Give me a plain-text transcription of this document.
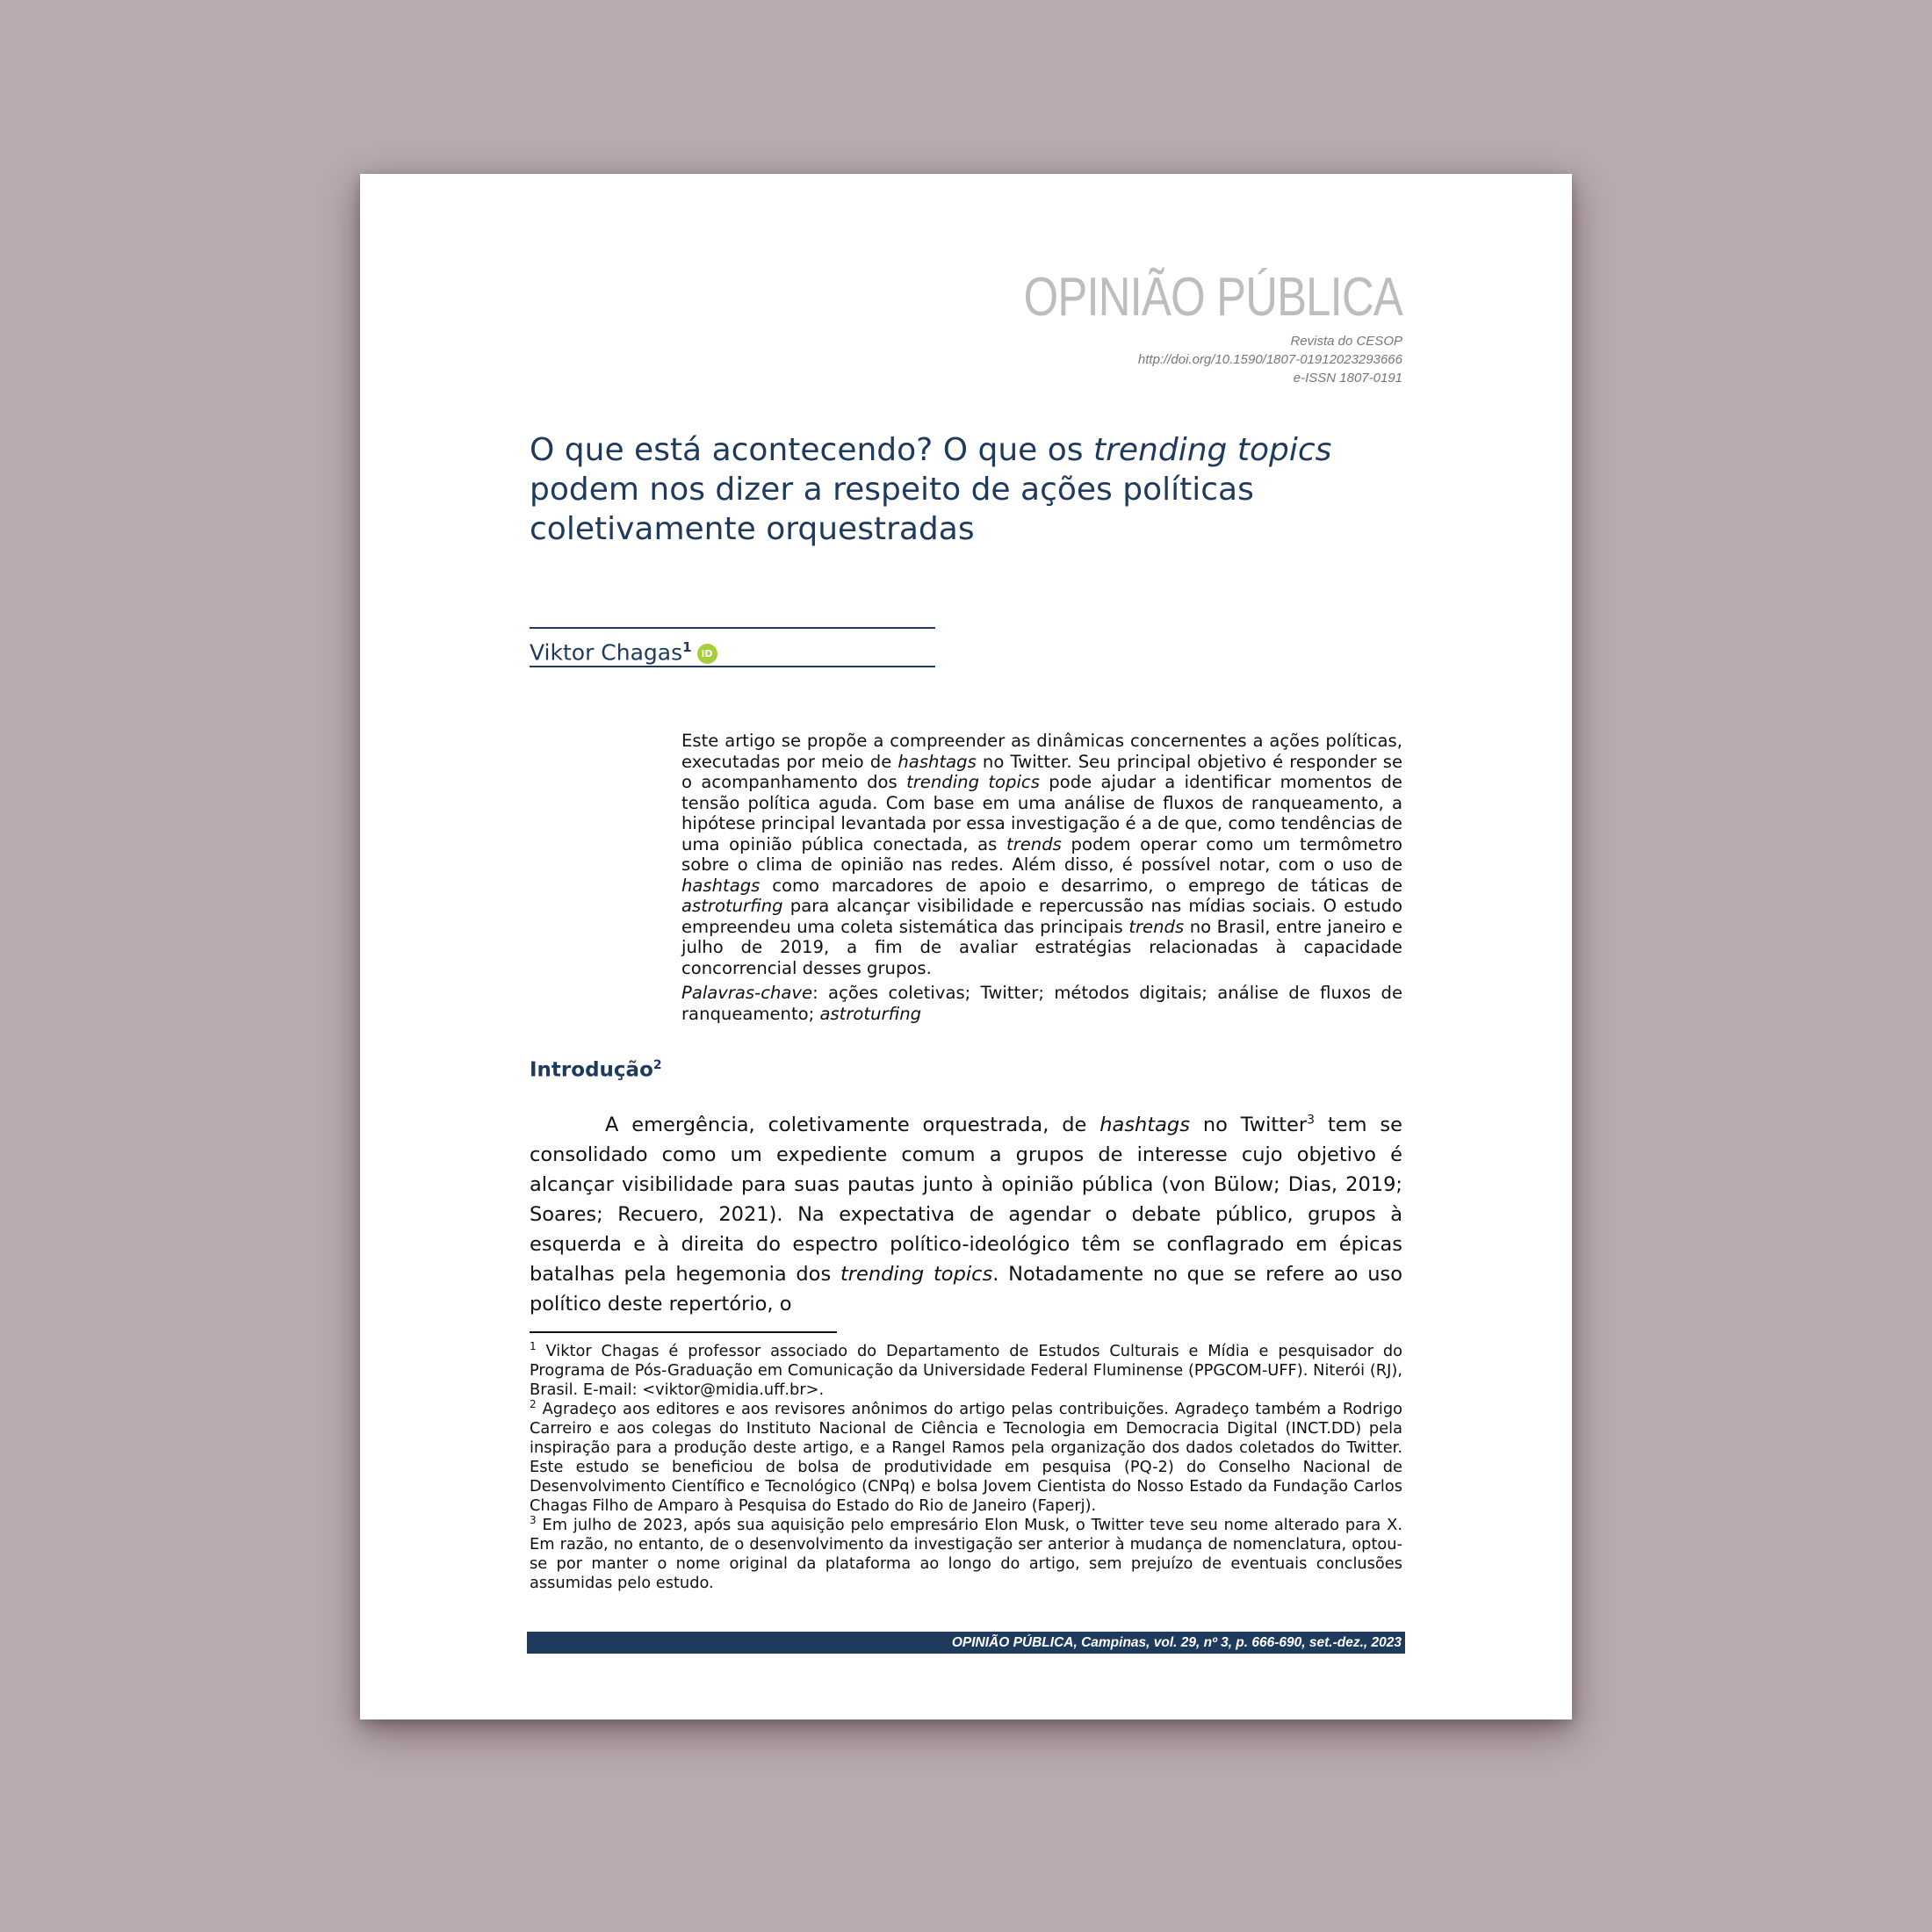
OPINIÃO PÚBLICA
Revista do CESOP
http://doi.org/10.1590/1807-01912023293666
e-ISSN 1807-0191
O que está acontecendo? O que os trending topics
podem nos dizer a respeito de ações políticas coletivamente orquestradas
Viktor Chagas$^1$ iD

Este artigo se propõe a compreender as dinâmicas concernentes a ações políticas, executadas por meio de hashtags no Twitter. Seu principal objetivo é responder se o acompanhamento dos trending topics pode ajudar a identificar momentos de tensão política aguda. Com base em uma análise de fluxos de ranqueamento, a hipótese principal levantada por essa investigação é a de que, como tendências de uma opinião pública conectada, as trends podem operar como um termômetro sobre o clima de opinião nas redes. Além disso, é possível notar, com o uso de hashtags como marcadores de apoio e desarrimo, o emprego de táticas de astroturfing para alcançar visibilidade e repercussão nas mídias sociais. O estudo empreendeu uma coleta sistemática das principais trends no Brasil, entre janeiro e julho de 2019, a fim de avaliar estratégias relacionadas à capacidade concorrencial desses grupos.

Palavras-chave: ações coletivas; Twitter; métodos digitais; análise de fluxos de ranqueamento; astroturfing

Introdução$^2$

A emergência, coletivamente orquestrada, de hashtags no Twitter$^3$ tem se consolidado como um expediente comum a grupos de interesse cujo objetivo é alcançar visibilidade para suas pautas junto à opinião pública (von Bülow; Dias, 2019; Soares; Recuero, 2021). Na expectativa de agendar o debate público, grupos à esquerda e à direita do espectro político-ideológico têm se conflagrado em épicas batalhas pela hegemonia dos trending topics. Notadamente no que se refere ao uso político deste repertório, o

$^1$ Viktor Chagas é professor associado do Departamento de Estudos Culturais e Mídia e pesquisador do Programa de Pós-Graduação em Comunicação da Universidade Federal Fluminense (PPGCOM-UFF). Niterói (RJ), Brasil. E-mail: <viktor@midia.uff.br>.

$^2$ Agradeço aos editores e aos revisores anônimos do artigo pelas contribuições. Agradeço também a Rodrigo Carreiro e aos colegas do Instituto Nacional de Ciência e Tecnologia em Democracia Digital (INCT.DD) pela inspiração para a produção deste artigo, e a Rangel Ramos pela organização dos dados coletados do Twitter. Este estudo se beneficiou de bolsa de produtividade em pesquisa (PQ-2) do Conselho Nacional de Desenvolvimento Científico e Tecnológico (CNPq) e bolsa Jovem Cientista do Nosso Estado da Fundação Carlos Chagas Filho de Amparo à Pesquisa do Estado do Rio de Janeiro (Faperj).

$^3$ Em julho de 2023, após sua aquisição pelo empresário Elon Musk, o Twitter teve seu nome alterado para X. Em razão, no entanto, de o desenvolvimento da investigação ser anterior à mudança de nomenclatura, optou-se por manter o nome original da plataforma ao longo do artigo, sem prejuízo de eventuais conclusões assumidas pelo estudo.

OPINIÃO PÚBLICA, Campinas, vol. 29, nº 3, p. 666-690, set.-dez., 2023
